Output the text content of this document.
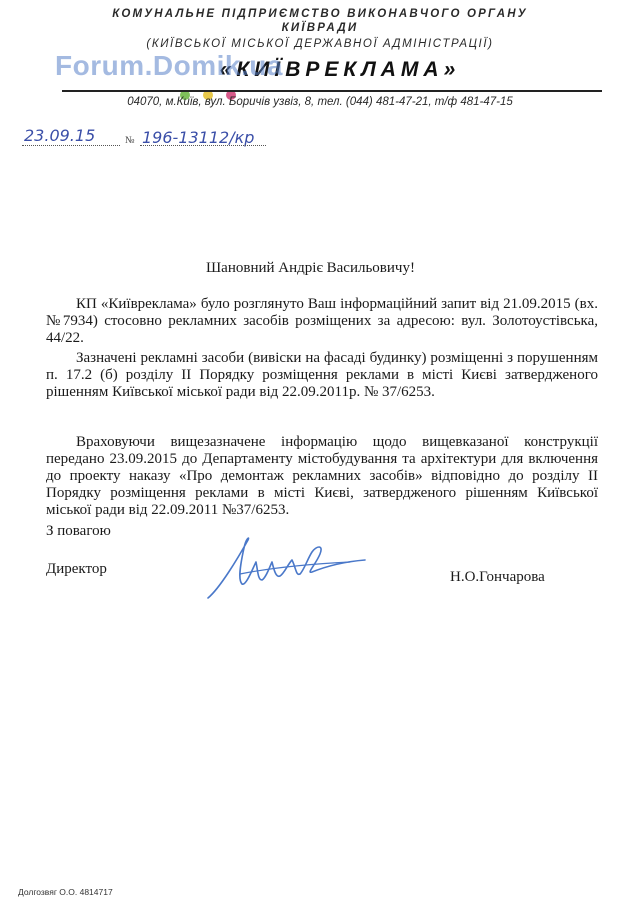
КОМУНАЛЬНЕ ПІДПРИЄМСТВО ВИКОНАВЧОГО ОРГАНУ
КИЇВРАДИ
(КИЇВСЬКОЇ МІСЬКОЇ ДЕРЖАВНОЇ АДМІНІСТРАЦІЇ)
«КИЇВРЕКЛАМА»
Forum.Domik.ua
04070, м.Київ, вул. Боричів узвіз, 8, тел. (044) 481-47-21, т/ф 481-47-15
23.09.15	№ 196-13112/кр
Шановний Андріє Васильовичу!
КП «Київреклама» було розглянуто Ваш інформаційний запит від 21.09.2015 (вх. №7934) стосовно рекламних засобів розміщених за адресою: вул. Золотоустівська, 44/22.
Зазначені рекламні засоби (вивіски на фасаді будинку) розміщенні з порушенням п. 17.2 (б) розділу ІІ Порядку розміщення реклами в місті Києві затвердженого рішенням Київської міської ради від 22.09.2011р. № 37/6253.
Враховуючи вищезазначене інформацію щодо вищевказаної конструкції передано 23.09.2015 до Департаменту містобудування та архітектури для включення до проекту наказу «Про демонтаж рекламних засобів» відповідно до розділу ІІ Порядку розміщення реклами в місті Києві, затвердженого рішенням Київської міської ради від 22.09.2011 №37/6253.
З повагою
Директор	Н.О.Гончарова
Долгозвяг О.О. 4814717
